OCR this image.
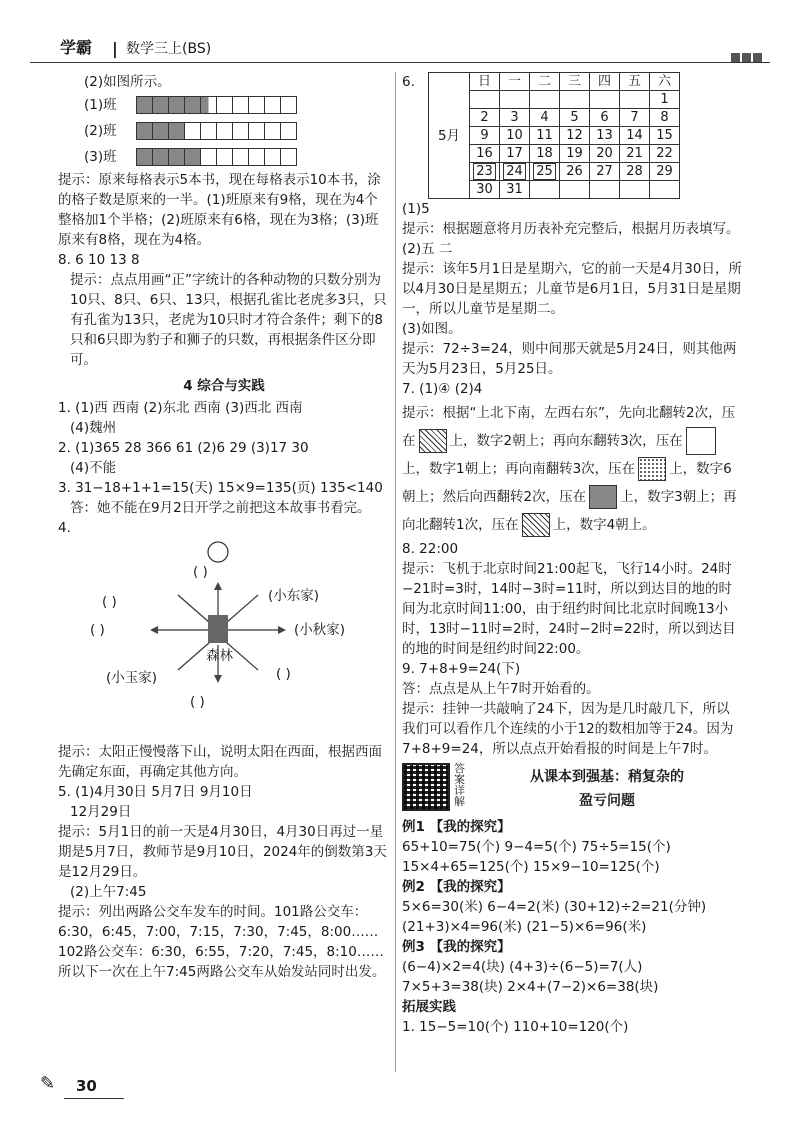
学霸 | 数学三上(BS)

(2)如图所示。

(1)班
(2)班
(3)班

提示：原来每格表示5本书，现在每格表示10本书，涂的格子数是原来的一半。(1)班原来有9格，现在为4个整格加1个半格；(2)班原来有6格，现在为3格；(3)班原来有8格，现在为4格。

8. 6 10 13 8

提示：点点用画“正”字统计的各种动物的只数分别为10只、8只、6只、13只，根据孔雀比老虎多3只，只有孔雀为13只，老虎为10只时才符合条件；剩下的8只和6只即为豹子和狮子的只数，再根据条件区分即可。

4 综合与实践

1. (1)西 西南 (2)东北 西南 (3)西北 西南

(4)魏州

2. (1)365 28 366 61 (2)6 29 (3)17 30

(4)不能

3. 31−18+1+1=15(天) 15×9=135(页) 135<140

答：她不能在9月2日开学之前把这本故事书看完。

4.

( )
( )
(小东家)
( )	(小秋家)
森林
(小玉家)	( )
( )

提示：太阳正慢慢落下山，说明太阳在西面，根据西面先确定东面，再确定其他方向。

5. (1)4月30日 5月7日 9月10日

12月29日

提示：5月1日的前一天是4月30日，4月30日再过一星期是5月7日，教师节是9月10日，2024年的倒数第3天是12月29日。

(2)上午7:45

提示：列出两路公交车发车的时间。101路公交车：6:30，6:45，7:00，7:15，7:30，7:45，8:00……102路公交车：6:30，6:55，7:20，7:45，8:10……所以下一次在上午7:45两路公交车从始发站同时出发。

6.
5月
日	一	二	三	四	五	六
						1
2	3	4	5	6	7	8
9	10	11	12	13	14	15
16	17	18	19	20	21	22
23	24	25	26	27	28	29
30	31					

(1)5

提示：根据题意将月历表补充完整后，根据月历表填写。

(2)五 二

提示：该年5月1日是星期六，它的前一天是4月30日，所以4月30日是星期五；儿童节是6月1日，5月31日是星期一，所以儿童节是星期二。

(3)如图。

提示：72÷3=24，则中间那天就是5月24日，则其他两天为5月23日，5月25日。

7. (1)④ (2)4

提示：根据“上北下南，左西右东”，先向北翻转2次，压在	上，数字2朝上；再向东翻转3次，压在上，数字1朝上；再向南翻转3次，压在	上，数字6朝上；然后向西翻转2次，压在	上，数字3朝上；再向北翻转1次，压在	上，数字4朝上。

8. 22:00

提示：飞机于北京时间21:00起飞，飞行14小时。24时−21时=3时，14时−3时=11时，所以到达目的地的时间为北京时间11:00，由于纽约时间比北京时间晚13小时，13时−11时=2时，24时−2时=22时，所以到达目的地的时间是纽约时间22:00。

9. 7+8+9=24(下)

答：点点是从上午7时开始看的。

提示：挂钟一共敲响了24下，因为是几时敲几下，所以我们可以看作几个连续的小于12的数相加等于24。因为7+8+9=24，所以点点开始看报的时间是上午7时。

答案详解
从课本到强基：稍复杂的
盈亏问题

例1 【我的探究】

65+10=75(个) 9−4=5(个) 75÷5=15(个)

15×4+65=125(个) 15×9−10=125(个)

例2 【我的探究】

5×6=30(米) 6−4=2(米) (30+12)÷2=21(分钟)

(21+3)×4=96(米) (21−5)×6=96(米)

例3 【我的探究】

(6−4)×2=4(块) (4+3)÷(6−5)=7(人)

7×5+3=38(块) 2×4+(7−2)×6=38(块)

拓展实践

1. 15−5=10(个) 110+10=120(个)

✎ 30
